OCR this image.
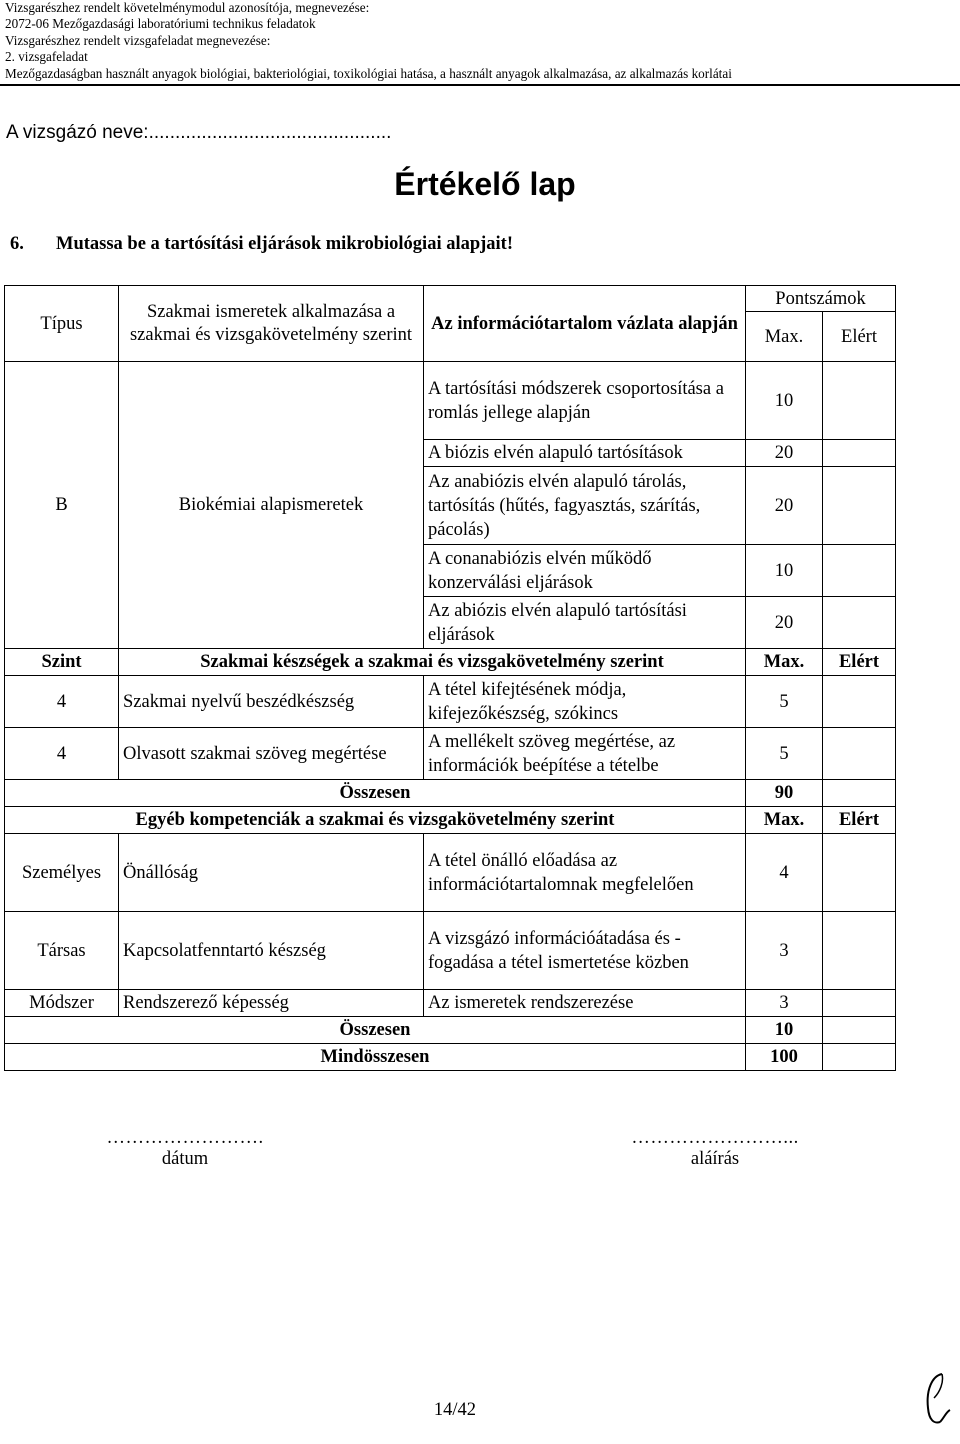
Vizsgarészhez rendelt követelménymodul azonosítója, megnevezése:
2072-06 Mezőgazdasági laboratóriumi technikus feladatok
Vizsgarészhez rendelt vizsgafeladat megnevezése:
2. vizsgafeladat
Mezőgazdaságban használt anyagok biológiai, bakteriológiai, toxikológiai hatása, a használt anyagok alkalmazása, az alkalmazás korlátai
A vizsgázó neve:..............................................
Értékelő lap
6. Mutassa be a tartósítási eljárások mikrobiológiai alapjait!
Típus	Szakmai ismeretek alkalmazása a szakmai és vizsgakövetelmény szerint	Az információtartalom vázlata alapján	Pontszámok	
			Max.	Elért
B	Biokémiai alapismeretek	A tartósítási módszerek csoportosítása a romlás jellege alapján	10	
		A biózis elvén alapuló tartósítások	20	
		Az anabiózis elvén alapuló tárolás, tartósítás (hűtés, fagyasztás, szárítás, pácolás)	20	
		A conanabiózis elvén működő konzerválási eljárások	10	
		Az abiózis elvén alapuló tartósítási eljárások	20	
Szint	Szakmai készségek a szakmai és vizsgakövetelmény szerint		Max.	Elért
4	Szakmai nyelvű beszédkészség	A tétel kifejtésének módja, kifejezőkészség, szókincs	5	
4	Olvasott szakmai szöveg megértése	A mellékelt szöveg megértése, az információk beépítése a tételbe	5	
Összesen			90	
Egyéb kompetenciák a szakmai és vizsgakövetelmény szerint			Max.	Elért
Személyes	Önállóság	A tétel önálló előadása az információtartalomnak megfelelően	4	
Társas	Kapcsolatfenntartó készség	A vizsgázó információátadása és -fogadása a tétel ismertetése közben	3	
Módszer	Rendszerező képesség	Az ismeretek rendszerezése	3	
Összesen			10	
Mindösszesen			100	
…………………….
dátum
……………………...
aláírás
14/42
